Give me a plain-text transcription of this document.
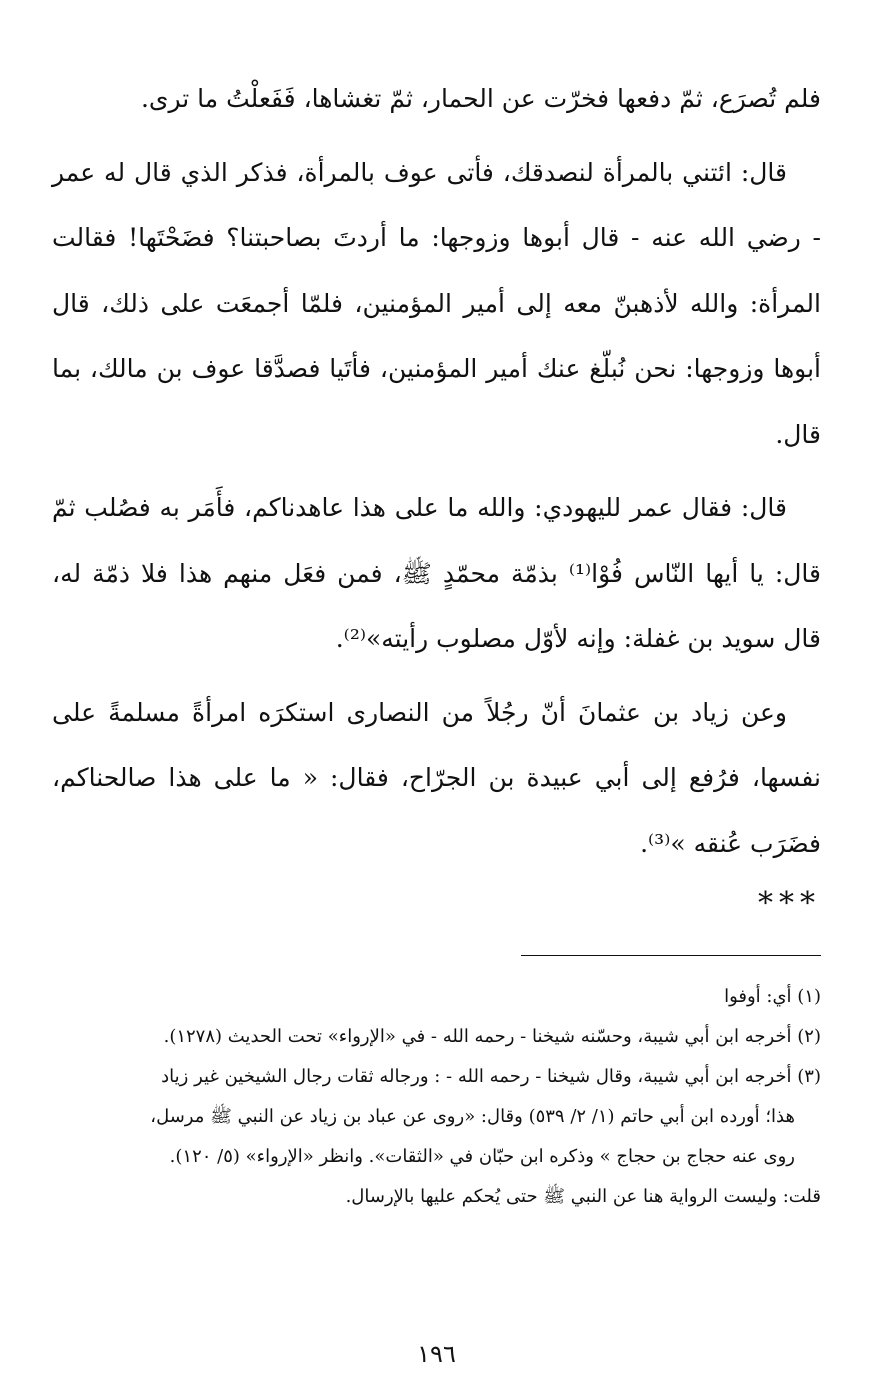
فلم تُصرَع، ثمّ دفعها فخرّت عن الحمار، ثمّ تغشاها، فَفَعلْتُ ما ترى.

قال: ائتني بالمرأة لنصدقك، فأتى عوف بالمرأة، فذكر الذي قال له عمر - رضي الله عنه - قال أبوها وزوجها: ما أردتَ بصاحبتنا؟ فضَحْتَها! فقالت المرأة: والله لأذهبنّ معه إلى أمير المؤمنين، فلمّا أجمعَت على ذلك، قال أبوها وزوجها: نحن نُبلّغ عنك أمير المؤمنين، فأتَيا فصدَّقا عوف بن مالك، بما قال.

قال: فقال عمر لليهودي: والله ما على هذا عاهدناكم، فأَمَر به فصُلب ثمّ قال: يا أيها النّاس فُوْا⁽¹⁾ بذمّة محمّدٍ ﷺ، فمن فعَل منهم هذا فلا ذمّة له، قال سويد بن غفلة: وإنه لأوّل مصلوب رأيته»⁽²⁾.

وعن زياد بن عثمانَ أنّ رجُلاً من النصارى استكرَه امرأةً مسلمةً على نفسها، فرُفع إلى أبي عبيدة بن الجرّاح، فقال: « ما على هذا صالحناكم، فضَرَب عُنقه »⁽³⁾.

***

(١) أي: أوفوا

(٢) أخرجه ابن أبي شيبة، وحسّنه شيخنا - رحمه الله - في «الإرواء» تحت الحديث (١٢٧٨).

(٣) أخرجه ابن أبي شيبة، وقال شيخنا - رحمه الله - : ورجاله ثقات رجال الشيخين غير زياد

هذا؛ أورده ابن أبي حاتم (١/ ٢/ ٥٣٩) وقال: «روى عن عباد بن زياد عن النبي ﷺ مرسل،

روى عنه حجاج بن حجاج » وذكره ابن حبّان في «الثقات». وانظر «الإرواء» (٥/ ١٢٠).

قلت: وليست الرواية هنا عن النبي ﷺ حتى يُحكم عليها بالإرسال.

١٩٦
